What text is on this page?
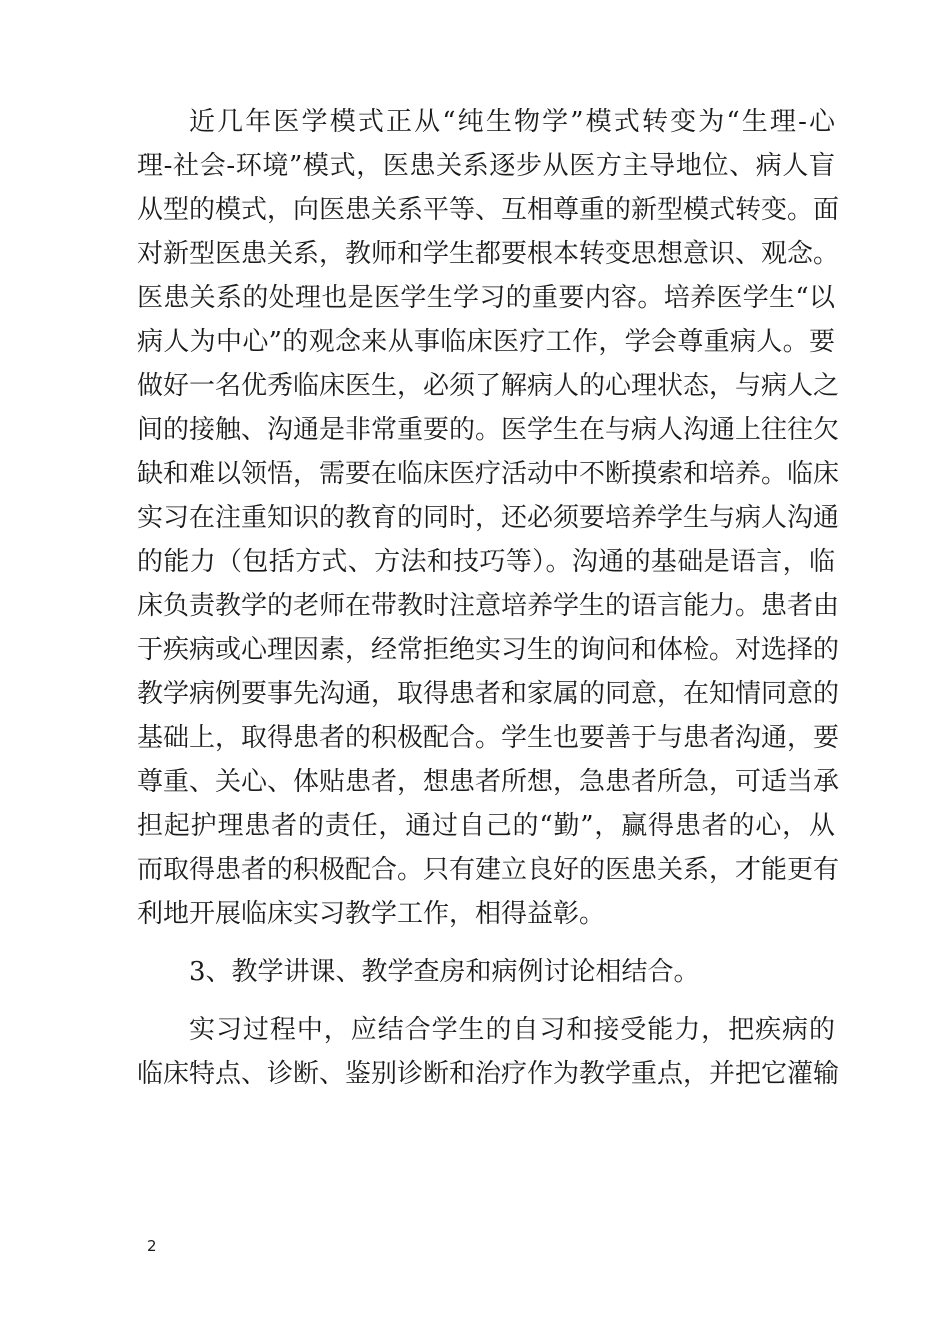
近几年医学模式正从“纯生物学”模式转变为“生理-心
理-社会-环境”模式，医患关系逐步从医方主导地位、病人盲
从型的模式，向医患关系平等、互相尊重的新型模式转变。面
对新型医患关系，教师和学生都要根本转变思想意识、观念。
医患关系的处理也是医学生学习的重要内容。培养医学生“以
病人为中心”的观念来从事临床医疗工作，学会尊重病人。要
做好一名优秀临床医生，必须了解病人的心理状态，与病人之
间的接触、沟通是非常重要的。医学生在与病人沟通上往往欠
缺和难以领悟，需要在临床医疗活动中不断摸索和培养。临床
实习在注重知识的教育的同时，还必须要培养学生与病人沟通
的能力（包括方式、方法和技巧等）。沟通的基础是语言，临
床负责教学的老师在带教时注意培养学生的语言能力。患者由
于疾病或心理因素，经常拒绝实习生的询问和体检。对选择的
教学病例要事先沟通，取得患者和家属的同意，在知情同意的
基础上，取得患者的积极配合。学生也要善于与患者沟通，要
尊重、关心、体贴患者，想患者所想，急患者所急，可适当承
担起护理患者的责任，通过自己的“勤”，赢得患者的心，从
而取得患者的积极配合。只有建立良好的医患关系，才能更有
利地开展临床实习教学工作，相得益彰。
3、教学讲课、教学查房和病例讨论相结合。
实习过程中，应结合学生的自习和接受能力，把疾病的
临床特点、诊断、鉴别诊断和治疗作为教学重点，并把它灌输
2
